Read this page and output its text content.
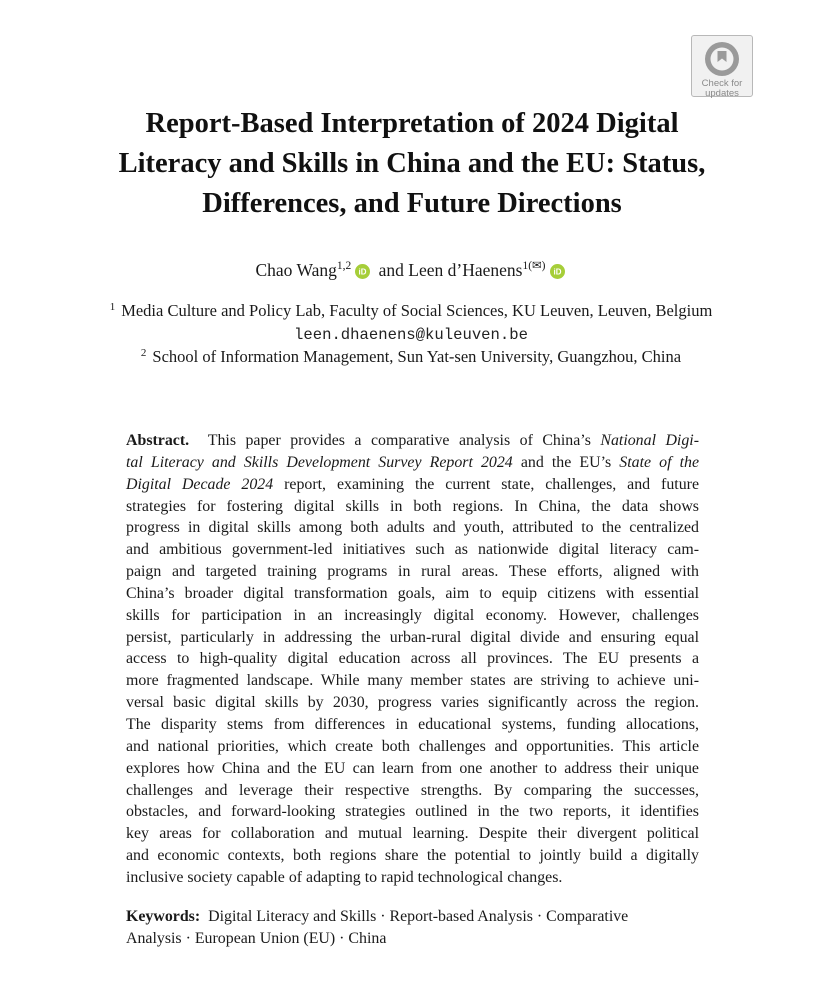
Check for
updates
Report-Based Interpretation of 2024 Digital
Literacy and Skills in China and the EU: Status,
Differences, and Future Directions
Chao Wang$^{1,2}$
iD and Leen d’Haenens$^{1(✉)}$
iD
$^1$ Media Culture and Policy Lab, Faculty of Social Sciences, KU Leuven, Leuven, Belgium
leen.dhaenens@kuleuven.be
$^2$ School of Information Management, Sun Yat-sen University, Guangzhou, China
Abstract. This paper provides a comparative analysis of China’s National Digi-
tal Literacy and Skills Development Survey Report 2024 and the EU’s State of the
Digital Decade 2024 report, examining the current state, challenges, and future
strategies for fostering digital skills in both regions. In China, the data shows
progress in digital skills among both adults and youth, attributed to the centralized
and ambitious government-led initiatives such as nationwide digital literacy cam-
paign and targeted training programs in rural areas. These efforts, aligned with
China’s broader digital transformation goals, aim to equip citizens with essential
skills for participation in an increasingly digital economy. However, challenges
persist, particularly in addressing the urban-rural digital divide and ensuring equal
access to high-quality digital education across all provinces. The EU presents a
more fragmented landscape. While many member states are striving to achieve uni-
versal basic digital skills by 2030, progress varies significantly across the region.
The disparity stems from differences in educational systems, funding allocations,
and national priorities, which create both challenges and opportunities. This article
explores how China and the EU can learn from one another to address their unique
challenges and leverage their respective strengths. By comparing the successes,
obstacles, and forward-looking strategies outlined in the two reports, it identifies
key areas for collaboration and mutual learning. Despite their divergent political
and economic contexts, both regions share the potential to jointly build a digitally
inclusive society capable of adapting to rapid technological changes.
Keywords: Digital Literacy and Skills · Report-based Analysis · Comparative
Analysis · European Union (EU) · China
